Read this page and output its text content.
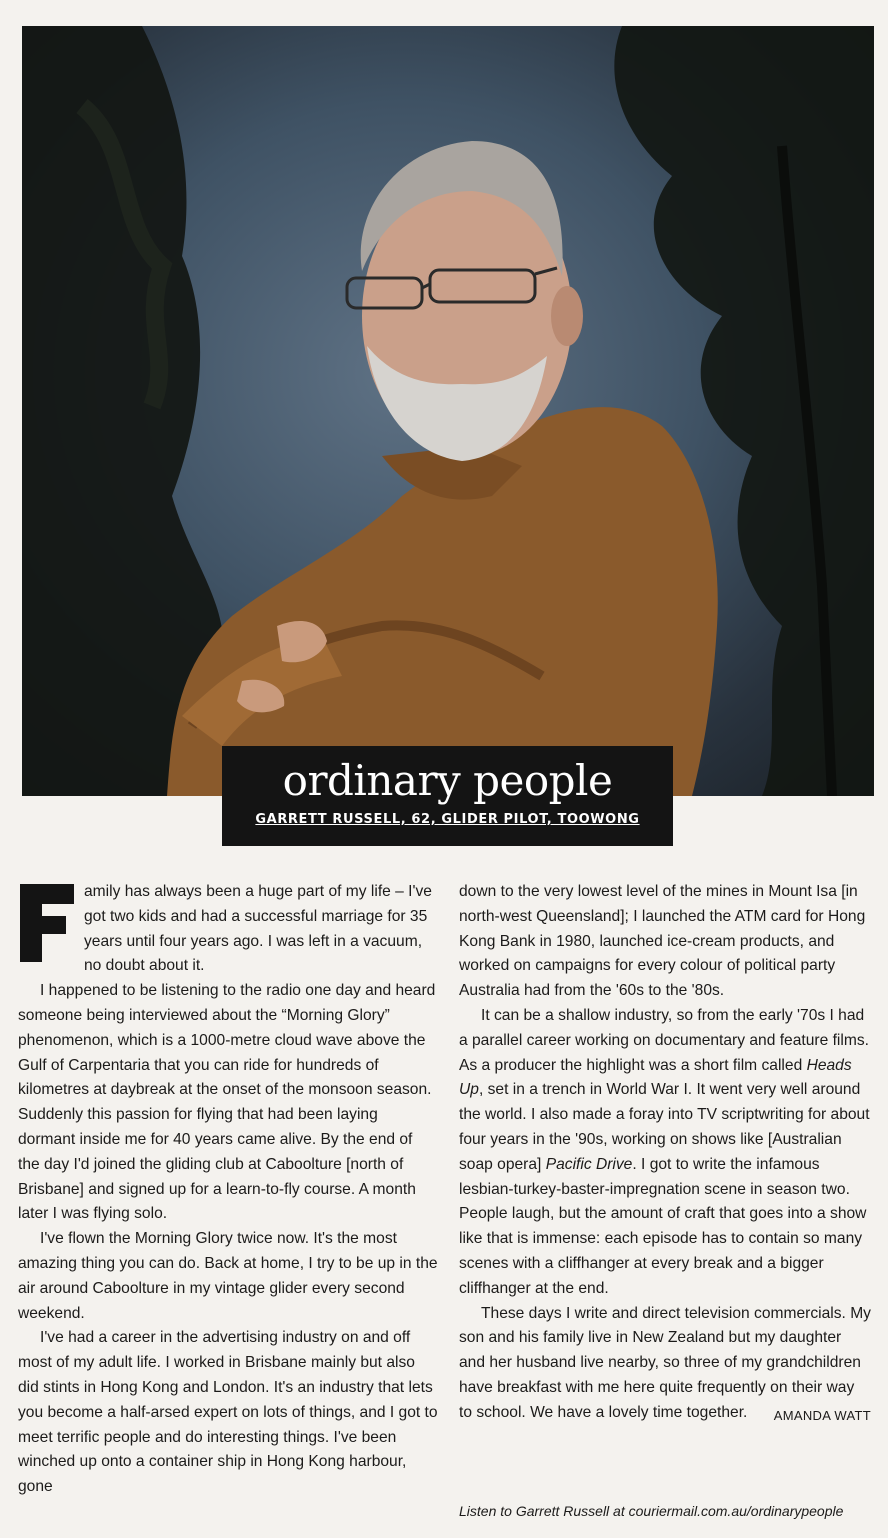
ordinary people
GARRETT RUSSELL, 62, GLIDER PILOT, TOOWONG

amily has always been a huge part of my life – I've got two kids and had a successful marriage for 35 years until four years ago. I was left in a vacuum, no doubt about it.

I happened to be listening to the radio one day and heard someone being interviewed about the “Morning Glory” phenomenon, which is a 1000-metre cloud wave above the Gulf of Carpentaria that you can ride for hundreds of kilometres at daybreak at the onset of the monsoon season. Suddenly this passion for flying that had been laying dormant inside me for 40 years came alive. By the end of the day I'd joined the gliding club at Caboolture [north of Brisbane] and signed up for a learn-to-fly course. A month later I was flying solo.

I've flown the Morning Glory twice now. It's the most amazing thing you can do. Back at home, I try to be up in the air around Caboolture in my vintage glider every second weekend.

I've had a career in the advertising industry on and off most of my adult life. I worked in Brisbane mainly but also did stints in Hong Kong and London. It's an industry that lets you become a half-arsed expert on lots of things, and I got to meet terrific people and do interesting things. I've been winched up onto a container ship in Hong Kong harbour, gone

down to the very lowest level of the mines in Mount Isa [in north-west Queensland]; I launched the ATM card for Hong Kong Bank in 1980, launched ice-cream products, and worked on campaigns for every colour of political party Australia had from the '60s to the '80s.

It can be a shallow industry, so from the early '70s I had a parallel career working on documentary and feature films. As a producer the highlight was a short film called Heads Up, set in a trench in World War I. It went very well around the world. I also made a foray into TV scriptwriting for about four years in the '90s, working on shows like [Australian soap opera] Pacific Drive. I got to write the infamous lesbian-turkey-baster-impregnation scene in season two. People laugh, but the amount of craft that goes into a show like that is immense: each episode has to contain so many scenes with a cliffhanger at every break and a bigger cliffhanger at the end.

These days I write and direct television commercials. My son and his family live in New Zealand but my daughter and her husband live nearby, so three of my grandchildren have breakfast with me here quite frequently on their way to school. We have a lovely time together.	AMANDA WATT

Listen to Garrett Russell at couriermail.com.au/ordinarypeople
